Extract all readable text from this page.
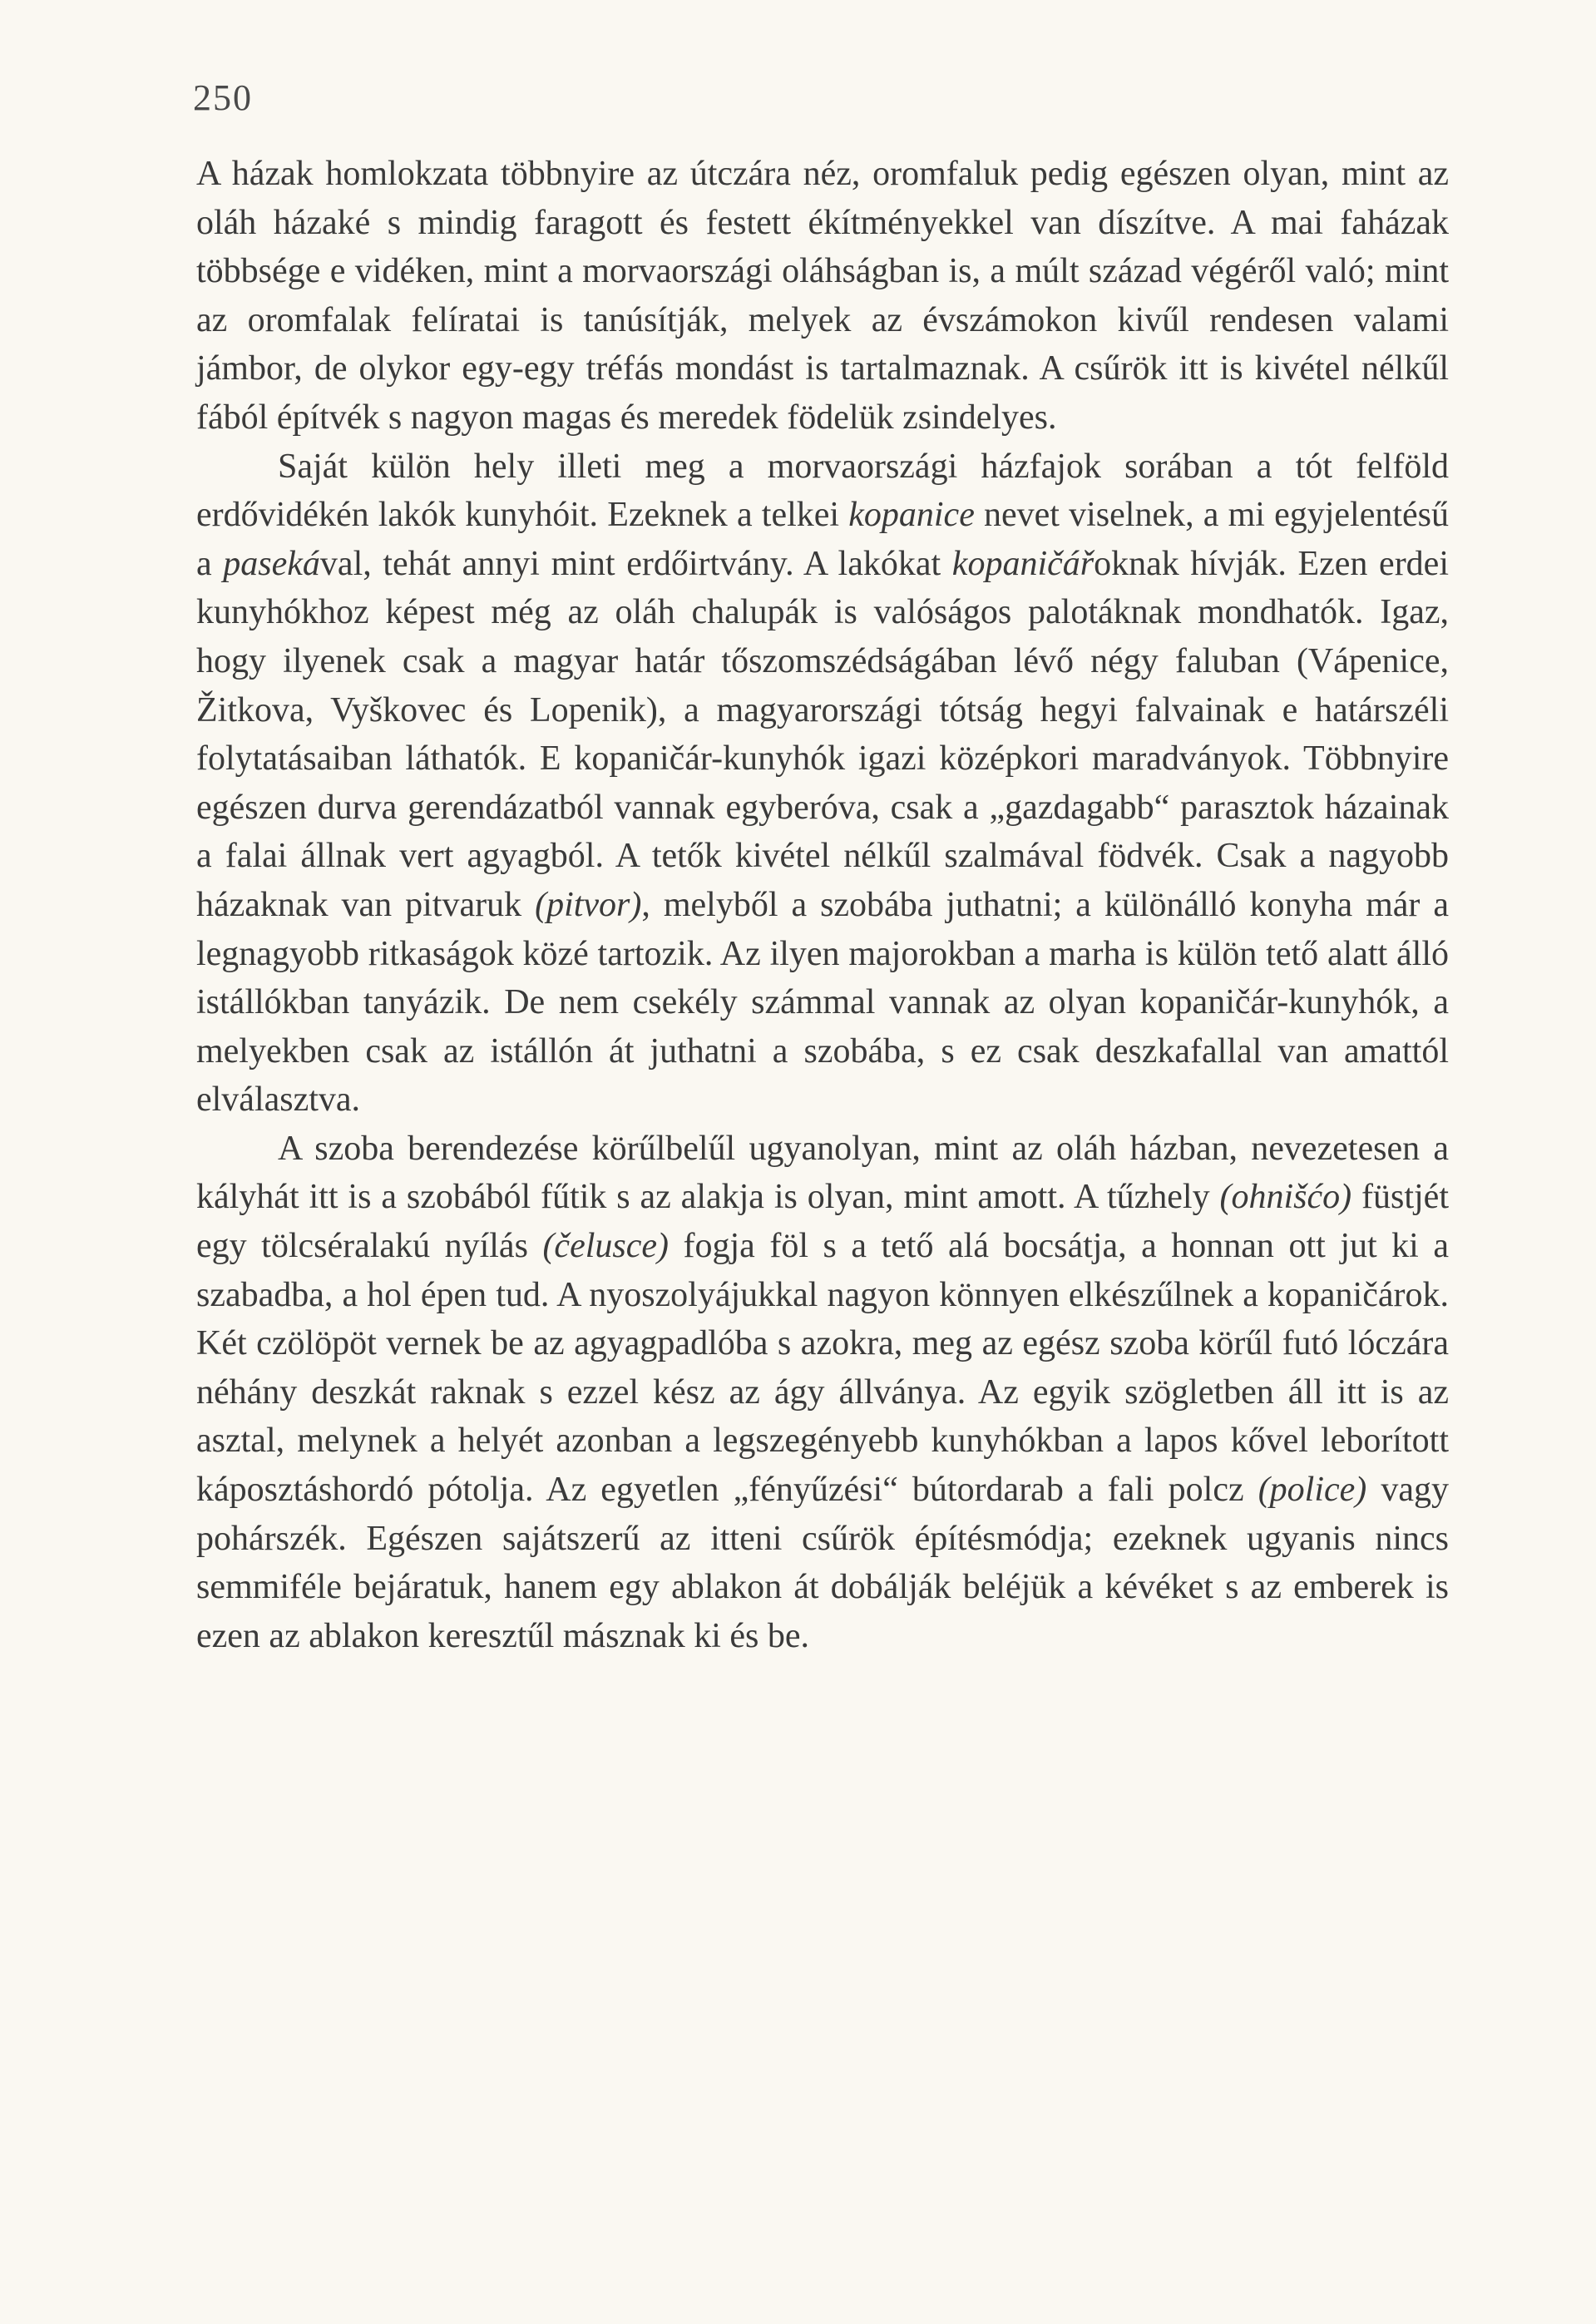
250

A házak homlokzata többnyire az útczára néz, oromfaluk pedig egészen olyan, mint az oláh házaké s mindig faragott és festett ékítményekkel van díszítve. A mai faházak többsége e vidéken, mint a morvaországi oláhságban is, a múlt század végéről való; mint az oromfalak felíratai is tanúsítják, melyek az évszámokon kivűl rendesen valami jámbor, de olykor egy-egy tréfás mondást is tartalmaznak. A csűrök itt is kivétel nélkűl fából építvék s nagyon magas és meredek födelük zsindelyes.

Saját külön hely illeti meg a morvaországi házfajok sorában a tót felföld erdővidékén lakók kunyhóit. Ezeknek a telkei kopanice nevet viselnek, a mi egyjelentésű a pasekával, tehát annyi mint erdőirtvány. A lakókat kopaničářoknak hívják. Ezen erdei kunyhókhoz képest még az oláh chalupák is valóságos palotáknak mondhatók. Igaz, hogy ilyenek csak a magyar határ tőszomszédságában lévő négy faluban (Vápenice, Žitkova, Vyškovec és Lopenik), a magyarországi tótság hegyi falvainak e határszéli folytatásaiban láthatók. E kopaničár-kunyhók igazi középkori maradványok. Többnyire egészen durva gerendázatból vannak egyberóva, csak a „gazdagabb“ parasztok házainak a falai állnak vert agyagból. A tetők kivétel nélkűl szalmával födvék. Csak a nagyobb házaknak van pitvaruk (pitvor), melyből a szobába juthatni; a különálló konyha már a legnagyobb ritkaságok közé tartozik. Az ilyen majorokban a marha is külön tető alatt álló istállókban tanyázik. De nem csekély számmal vannak az olyan kopaničár-kunyhók, a melyekben csak az istállón át juthatni a szobába, s ez csak deszkafallal van amattól elválasztva.

A szoba berendezése körűlbelűl ugyanolyan, mint az oláh házban, nevezetesen a kályhát itt is a szobából fűtik s az alakja is olyan, mint amott. A tűzhely (ohnišćo) füstjét egy tölcséralakú nyílás (čeluscе) fogja föl s a tető alá bocsátja, a honnan ott jut ki a szabadba, a hol épen tud. A nyoszolyájukkal nagyon könnyen elkészűlnek a kopaničárok. Két czölöpöt vernek be az agyagpadlóba s azokra, meg az egész szoba körűl futó lóczára néhány deszkát raknak s ezzel kész az ágy állványa. Az egyik szögletben áll itt is az asztal, melynek a helyét azonban a legszegényebb kunyhókban a lapos kővel leborított káposztáshordó pótolja. Az egyetlen „fényűzési“ bútordarab a fali polcz (police) vagy pohárszék. Egészen sajátszerű az itteni csűrök építésmódja; ezeknek ugyanis nincs semmiféle bejáratuk, hanem egy ablakon át dobálják beléjük a kévéket s az emberek is ezen az ablakon keresztűl másznak ki és be.
